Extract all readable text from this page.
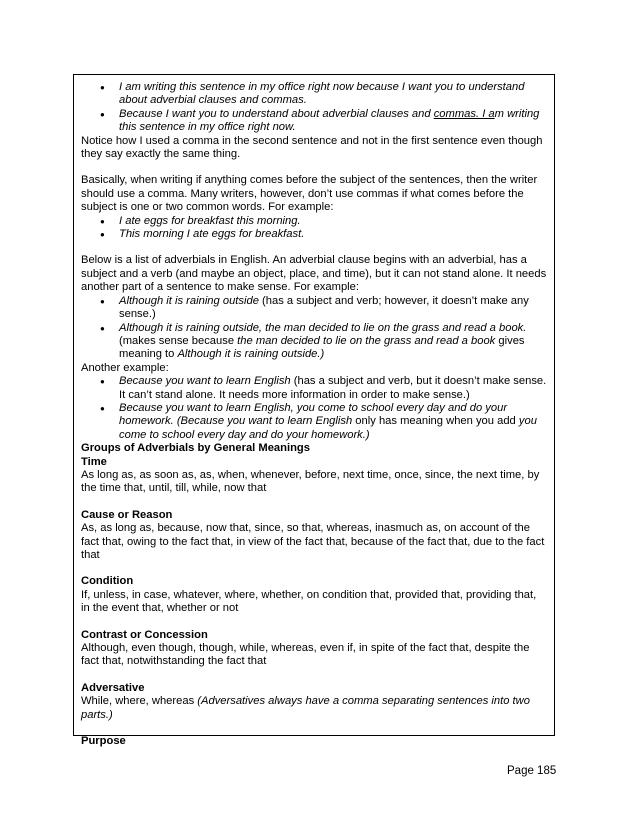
● I am writing this sentence in my office right now because I want you to understand about adverbial clauses and commas.
● Because I want you to understand about adverbial clauses and commas. I am writing this sentence in my office right now.

Notice how I used a comma in the second sentence and not in the first sentence even though they say exactly the same thing.

Basically, when writing if anything comes before the subject of the sentences, then the writer should use a comma. Many writers, however, don’t use commas if what comes before the subject is one or two common words. For example:

● I ate eggs for breakfast this morning.
● This morning I ate eggs for breakfast.

Below is a list of adverbials in English. An adverbial clause begins with an adverbial, has a subject and a verb (and maybe an object, place, and time), but it can not stand alone. It needs another part of a sentence to make sense. For example:

● Although it is raining outside (has a subject and verb; however, it doesn’t make any sense.)
● Although it is raining outside, the man decided to lie on the grass and read a book.(makes sense because the man decided to lie on the grass and read a book gives meaning to Although it is raining outside.)

Another example:

● Because you want to learn English (has a subject and verb, but it doesn’t make sense. It can’t stand alone. It needs more information in order to make sense.)
● Because you want to learn English, you come to school every day and do your homework. (Because you want to learn English only has meaning when you add you come to school every day and do your homework.)

Groups of Adverbials by General Meanings

Time

As long as, as soon as, as, when, whenever, before, next time, once, since, the next time, by the time that, until, till, while, now that

Cause or Reason

As, as long as, because, now that, since, so that, whereas, inasmuch as, on account of the fact that, owing to the fact that, in view of the fact that, because of the fact that, due to the fact that

Condition

If, unless, in case, whatever, where, whether, on condition that, provided that, providing that, in the event that, whether or not

Contrast or Concession

Although, even though, though, while, whereas, even if, in spite of the fact that, despite the fact that, notwithstanding the fact that

Adversative

While, where, whereas (Adversatives always have a comma separating sentences into two parts.)

Purpose

Page 185
